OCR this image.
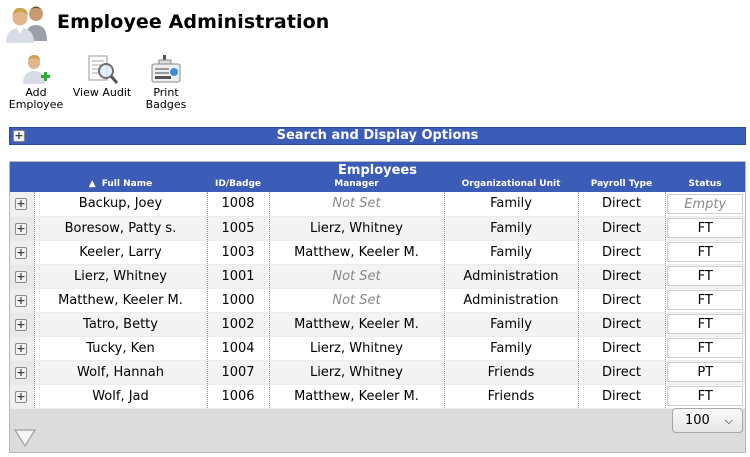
Employee Administration
Add
Employee
View Audit	Print
Badges
+	Search and Display Options
Employees
▲ Full Name	ID/Badge	Manager	Organizational Unit	Payroll Type	Status
+	Backup, Joey	1008	Not Set	Family	Direct	Empty

+	Boresow, Patty s.	1005	Lierz, Whitney	Family	Direct	FT

+	Keeler, Larry	1003	Matthew, Keeler M.	Family	Direct	FT

+	Lierz, Whitney	1001	Not Set	Administration	Direct	FT

+	Matthew, Keeler M.	1000	Not Set	Administration	Direct	FT

+	Tatro, Betty	1002	Matthew, Keeler M.	Family	Direct	FT

+	Tucky, Ken	1004	Lierz, Whitney	Family	Direct	FT

+	Wolf, Hannah	1007	Lierz, Whitney	Friends	Direct	PT

+	Wolf, Jad	1006	Matthew, Keeler M.	Friends	Direct	FT
100 ⌵
